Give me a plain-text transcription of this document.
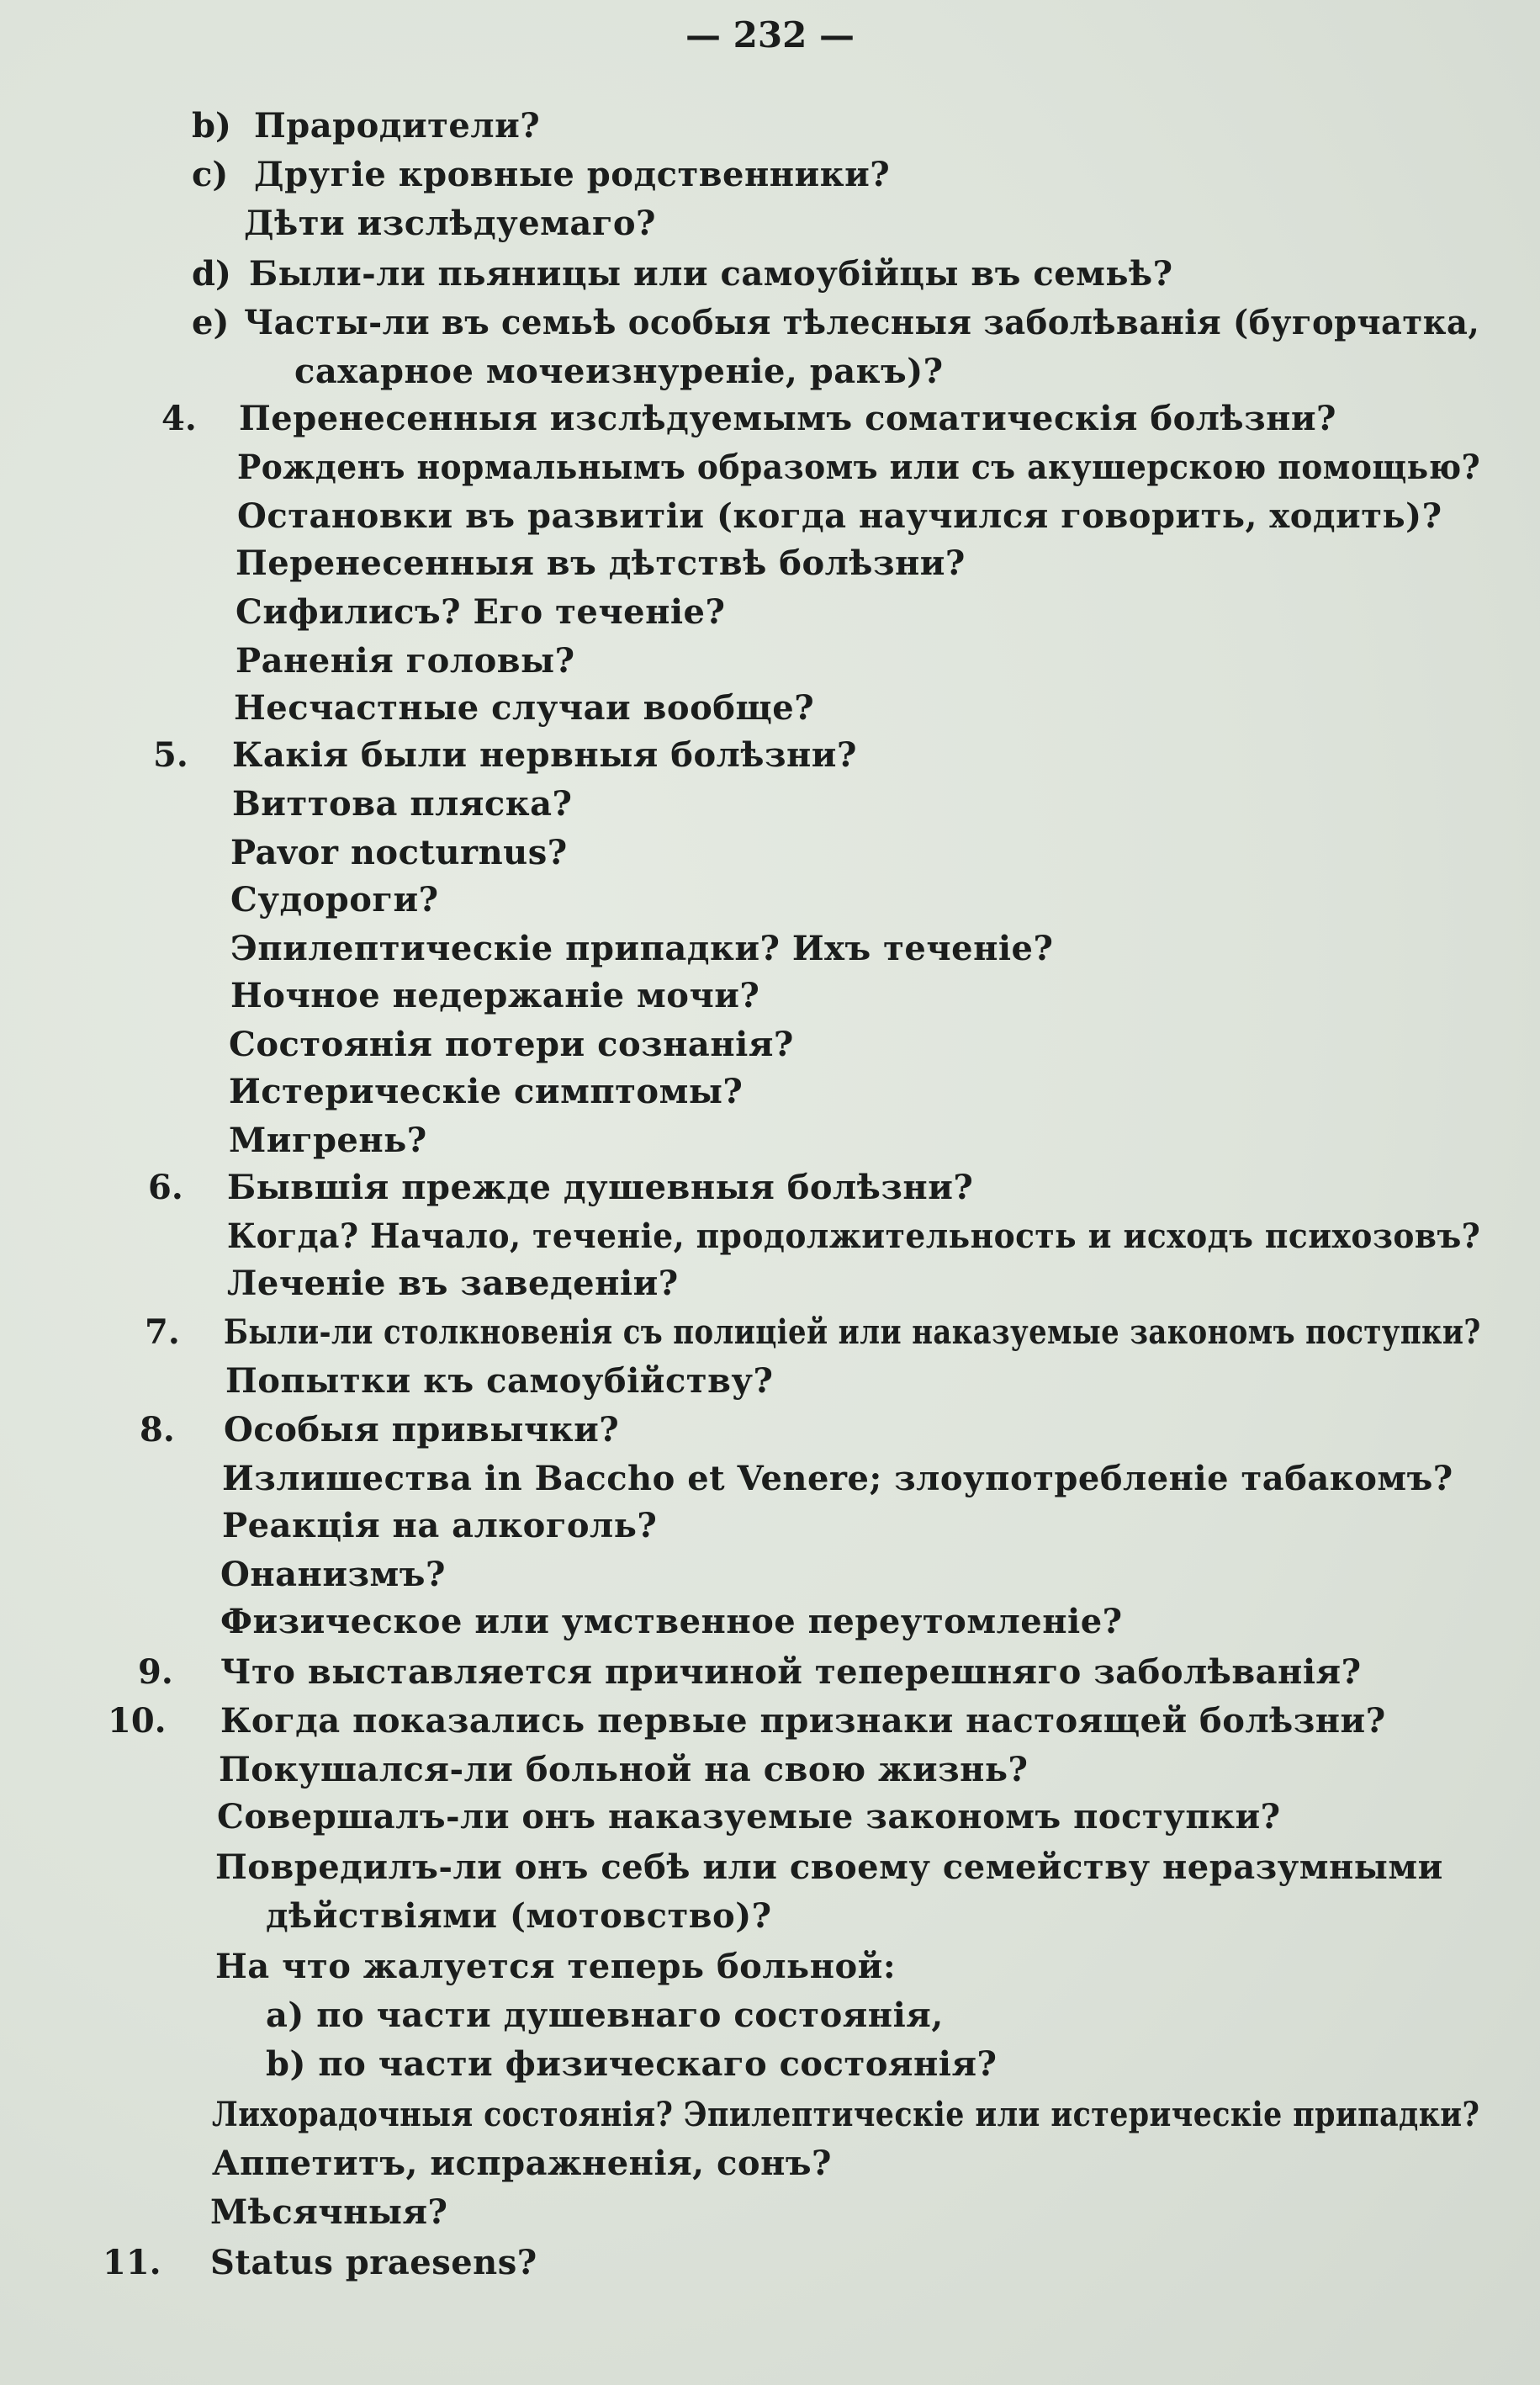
— 232 —
b)
c)
d)
e)
4.
5.
6.
7.
8.
9.
10.
11.
Прародители?
Другіе кровные родственники?
Дѣти изслѣдуемаго?
Были-ли пьяницы или самоубійцы въ семьѣ?
Часты-ли въ семьѣ особыя тѣлесныя заболѣванія (бугорчатка,
сахарное мочеизнуреніе, ракъ)?
Перенесенныя изслѣдуемымъ соматическія болѣзни?
Рожденъ нормальнымъ образомъ или съ акушерскою помощью?
Остановки въ развитіи (когда научился говорить, ходить)?
Перенесенныя въ дѣтствѣ болѣзни?
Сифилисъ? Его теченіе?
Раненія головы?
Несчастные случаи вообще?
Какія были нервныя болѣзни?
Виттова пляска?
Pavor nocturnus?
Судороги?
Эпилептическіе припадки? Ихъ теченіе?
Ночное недержаніе мочи?
Состоянія потери сознанія?
Истерическіе симптомы?
Мигрень?
Бывшія прежде душевныя болѣзни?
Когда? Начало, теченіе, продолжительность и исходъ психозовъ?
Леченіе въ заведеніи?
Были-ли столкновенія съ полиціей или наказуемые закономъ поступки?
Попытки къ самоубійству?
Особыя привычки?
Излишества in Baccho et Venere; злоупотребленіе табакомъ?
Реакція на алкоголь?
Онанизмъ?
Физическое или умственное переутомленіе?
Что выставляется причиной теперешняго заболѣванія?
Когда показались первые признаки настоящей болѣзни?
Покушался-ли больной на свою жизнь?
Совершалъ-ли онъ наказуемые закономъ поступки?
Повредилъ-ли онъ себѣ или своему семейству неразумными
дѣйствіями (мотовство)?
На что жалуется теперь больной:
a) по части душевнаго состоянія,
b) по части физическаго состоянія?
Лихорадочныя состоянія? Эпилептическіе или истерическіе припадки?
Аппетитъ, испражненія, сонъ?
Мѣсячныя?
Status praesens?
